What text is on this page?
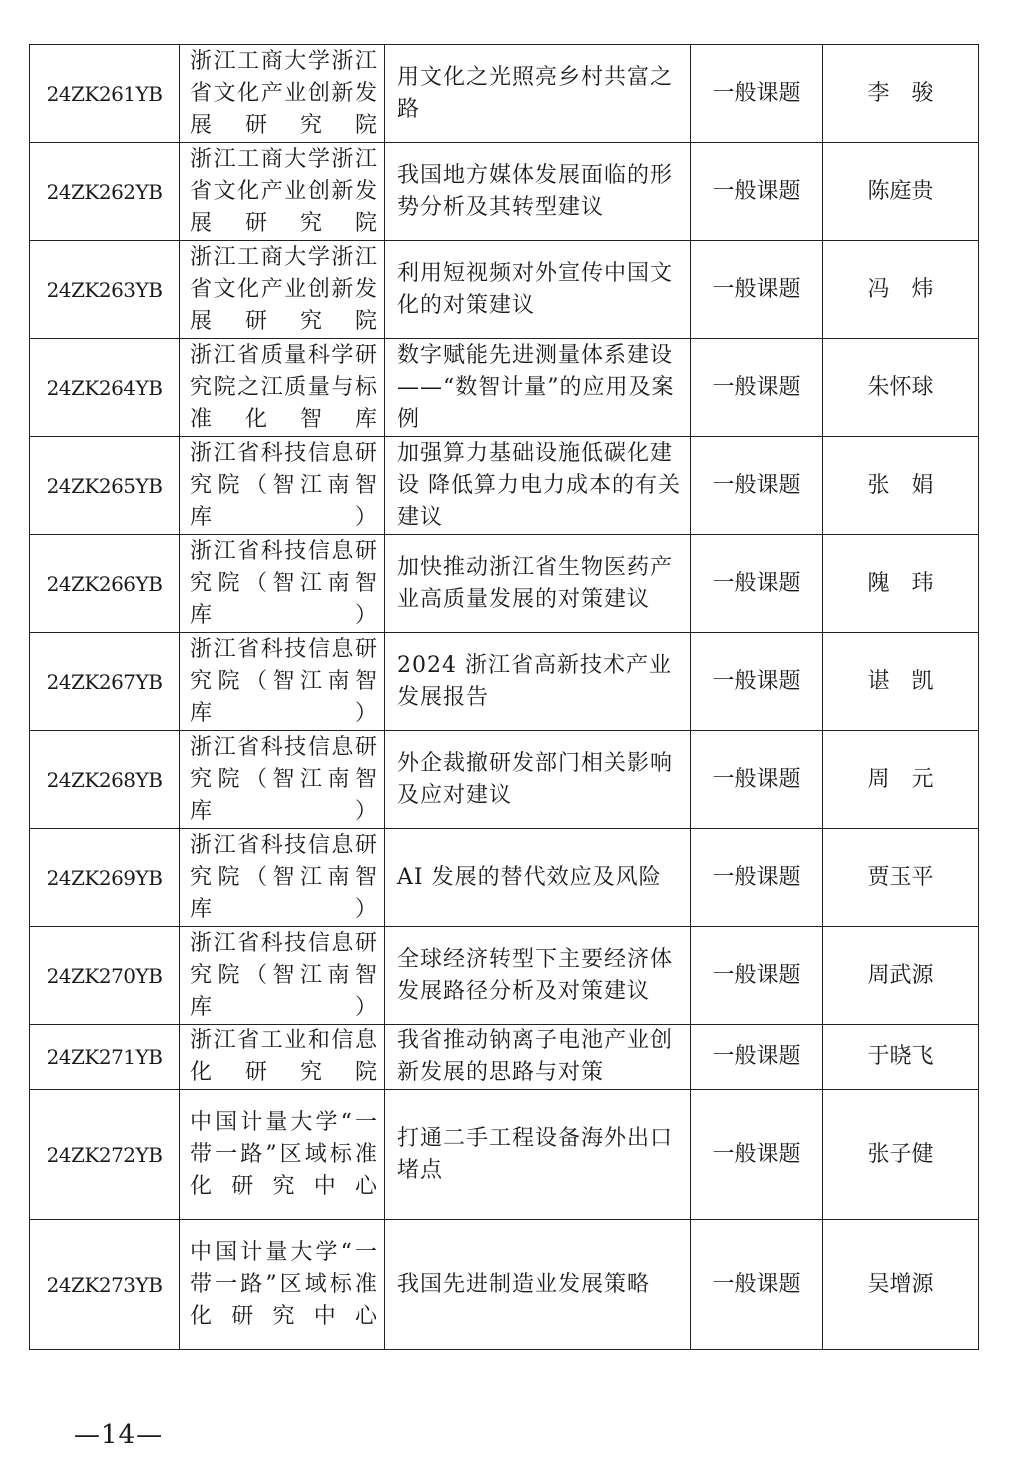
24ZK261YB	浙江工商大学浙江省文化产业创新发展研究院	用文化之光照亮乡村共富之路	一般课题	李　骏

24ZK262YB	浙江工商大学浙江省文化产业创新发展研究院	我国地方媒体发展面临的形势分析及其转型建议	一般课题	陈庭贵

24ZK263YB	浙江工商大学浙江省文化产业创新发展研究院	利用短视频对外宣传中国文化的对策建议	一般课题	冯　炜

24ZK264YB	浙江省质量科学研究院之江质量与标准化智库	数字赋能先进测量体系建设——“数智计量”的应用及案例	一般课题	朱怀球

24ZK265YB	浙江省科技信息研究院（智江南智库）	加强算力基础设施低碳化建设 降低算力电力成本的有关建议	一般课题	张　娟

24ZK266YB	浙江省科技信息研究院（智江南智库）	加快推动浙江省生物医药产业高质量发展的对策建议	一般课题	隗　玮

24ZK267YB	浙江省科技信息研究院（智江南智库）	2024 浙江省高新技术产业发展报告	一般课题	谌　凯

24ZK268YB	浙江省科技信息研究院（智江南智库）	外企裁撤研发部门相关影响及应对建议	一般课题	周　元

24ZK269YB	浙江省科技信息研究院（智江南智库）	AI 发展的替代效应及风险	一般课题	贾玉平

24ZK270YB	浙江省科技信息研究院（智江南智库）	全球经济转型下主要经济体发展路径分析及对策建议	一般课题	周武源

24ZK271YB	浙江省工业和信息化研究院	我省推动钠离子电池产业创新发展的思路与对策	一般课题	于晓飞

24ZK272YB	中国计量大学“一带一路”区域标准化研究中心	打通二手工程设备海外出口堵点	一般课题	张子健

24ZK273YB	中国计量大学“一带一路”区域标准化研究中心	我国先进制造业发展策略	一般课题	吴增源
—14—
